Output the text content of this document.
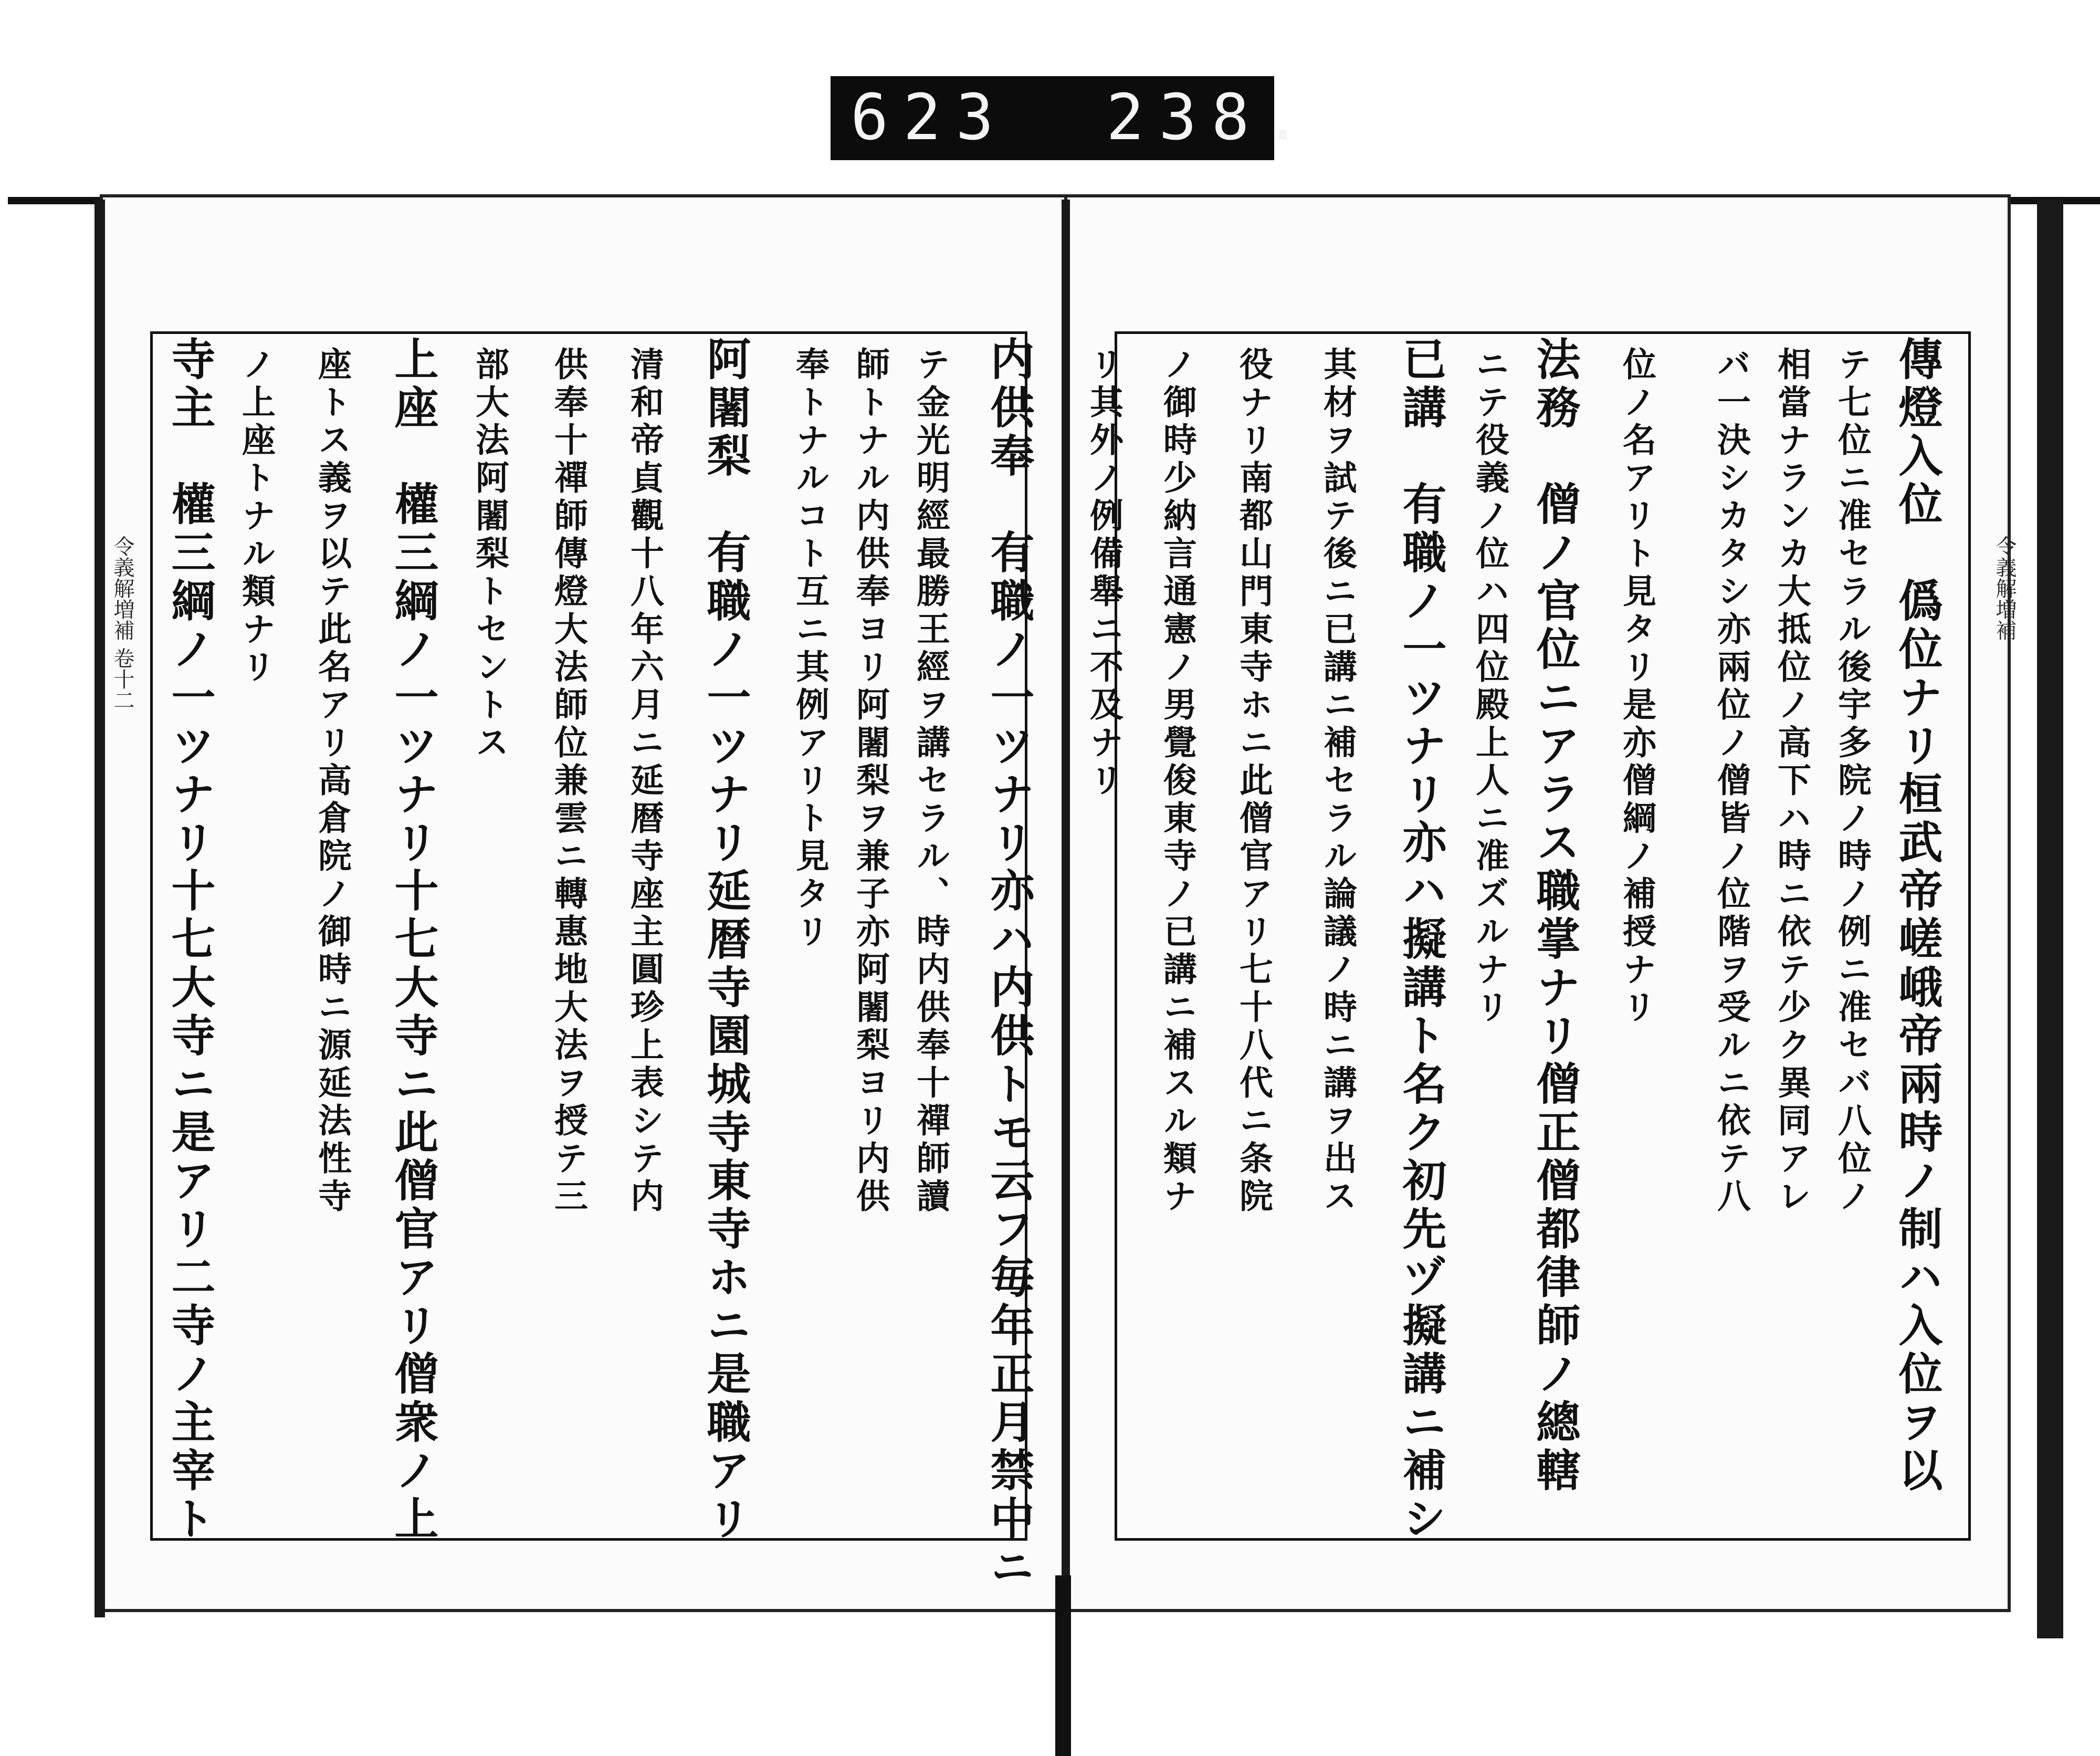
623 238.
令義解増補 卷十二	令義解増補
傳燈入位　僞位ナリ桓武帝嵯峨帝兩時ノ制ハ入位ヲ以
テ七位ニ准セラル後宇多院ノ時ノ例ニ准セバ八位ノ
相當ナランカ大抵位ノ高下ハ時ニ依テ少ク異同アレ
バ一決シカタシ亦兩位ノ僧皆ノ位階ヲ受ルニ依テ八
位ノ名アリト見タリ是亦僧綱ノ補授ナリ
法務　僧ノ官位ニアラス職掌ナリ僧正僧都律師ノ總轄
ニテ役義ノ位ハ四位殿上人ニ准ズルナリ
已講　有職ノ一ツナリ亦ハ擬講ト名ク初先ヅ擬講ニ補シ
其材ヲ試テ後ニ已講ニ補セラル論議ノ時ニ講ヲ出ス
役ナリ南都山門東寺ホニ此僧官アリ七十八代ニ条院
ノ御時少納言通憲ノ男覺俊東寺ノ已講ニ補スル類ナ
リ其外ノ例備舉ニ不及ナリ
内供奉　有職ノ一ツナリ亦ハ内供トモ云フ毎年正月禁中ニ
テ金光明經最勝王經ヲ講セラル、時内供奉十禪師讀
師トナル内供奉ヨリ阿闍梨ヲ兼子亦阿闍梨ヨリ内供
奉トナルコト互ニ其例アリト見タリ
阿闍梨　有職ノ一ツナリ延暦寺園城寺東寺ホニ是職アリ
清和帝貞觀十八年六月ニ延暦寺座主圓珍上表シテ内
供奉十禪師傳燈大法師位兼雲ニ轉惠地大法ヲ授テ三
部大法阿闍梨トセントス
上座　權三綱ノ一ツナリ十七大寺ニ此僧官アリ僧衆ノ上
座トス義ヲ以テ此名アリ高倉院ノ御時ニ源延法性寺
ノ上座トナル類ナリ
寺主　權三綱ノ一ツナリ十七大寺ニ是アリ二寺ノ主宰ト
